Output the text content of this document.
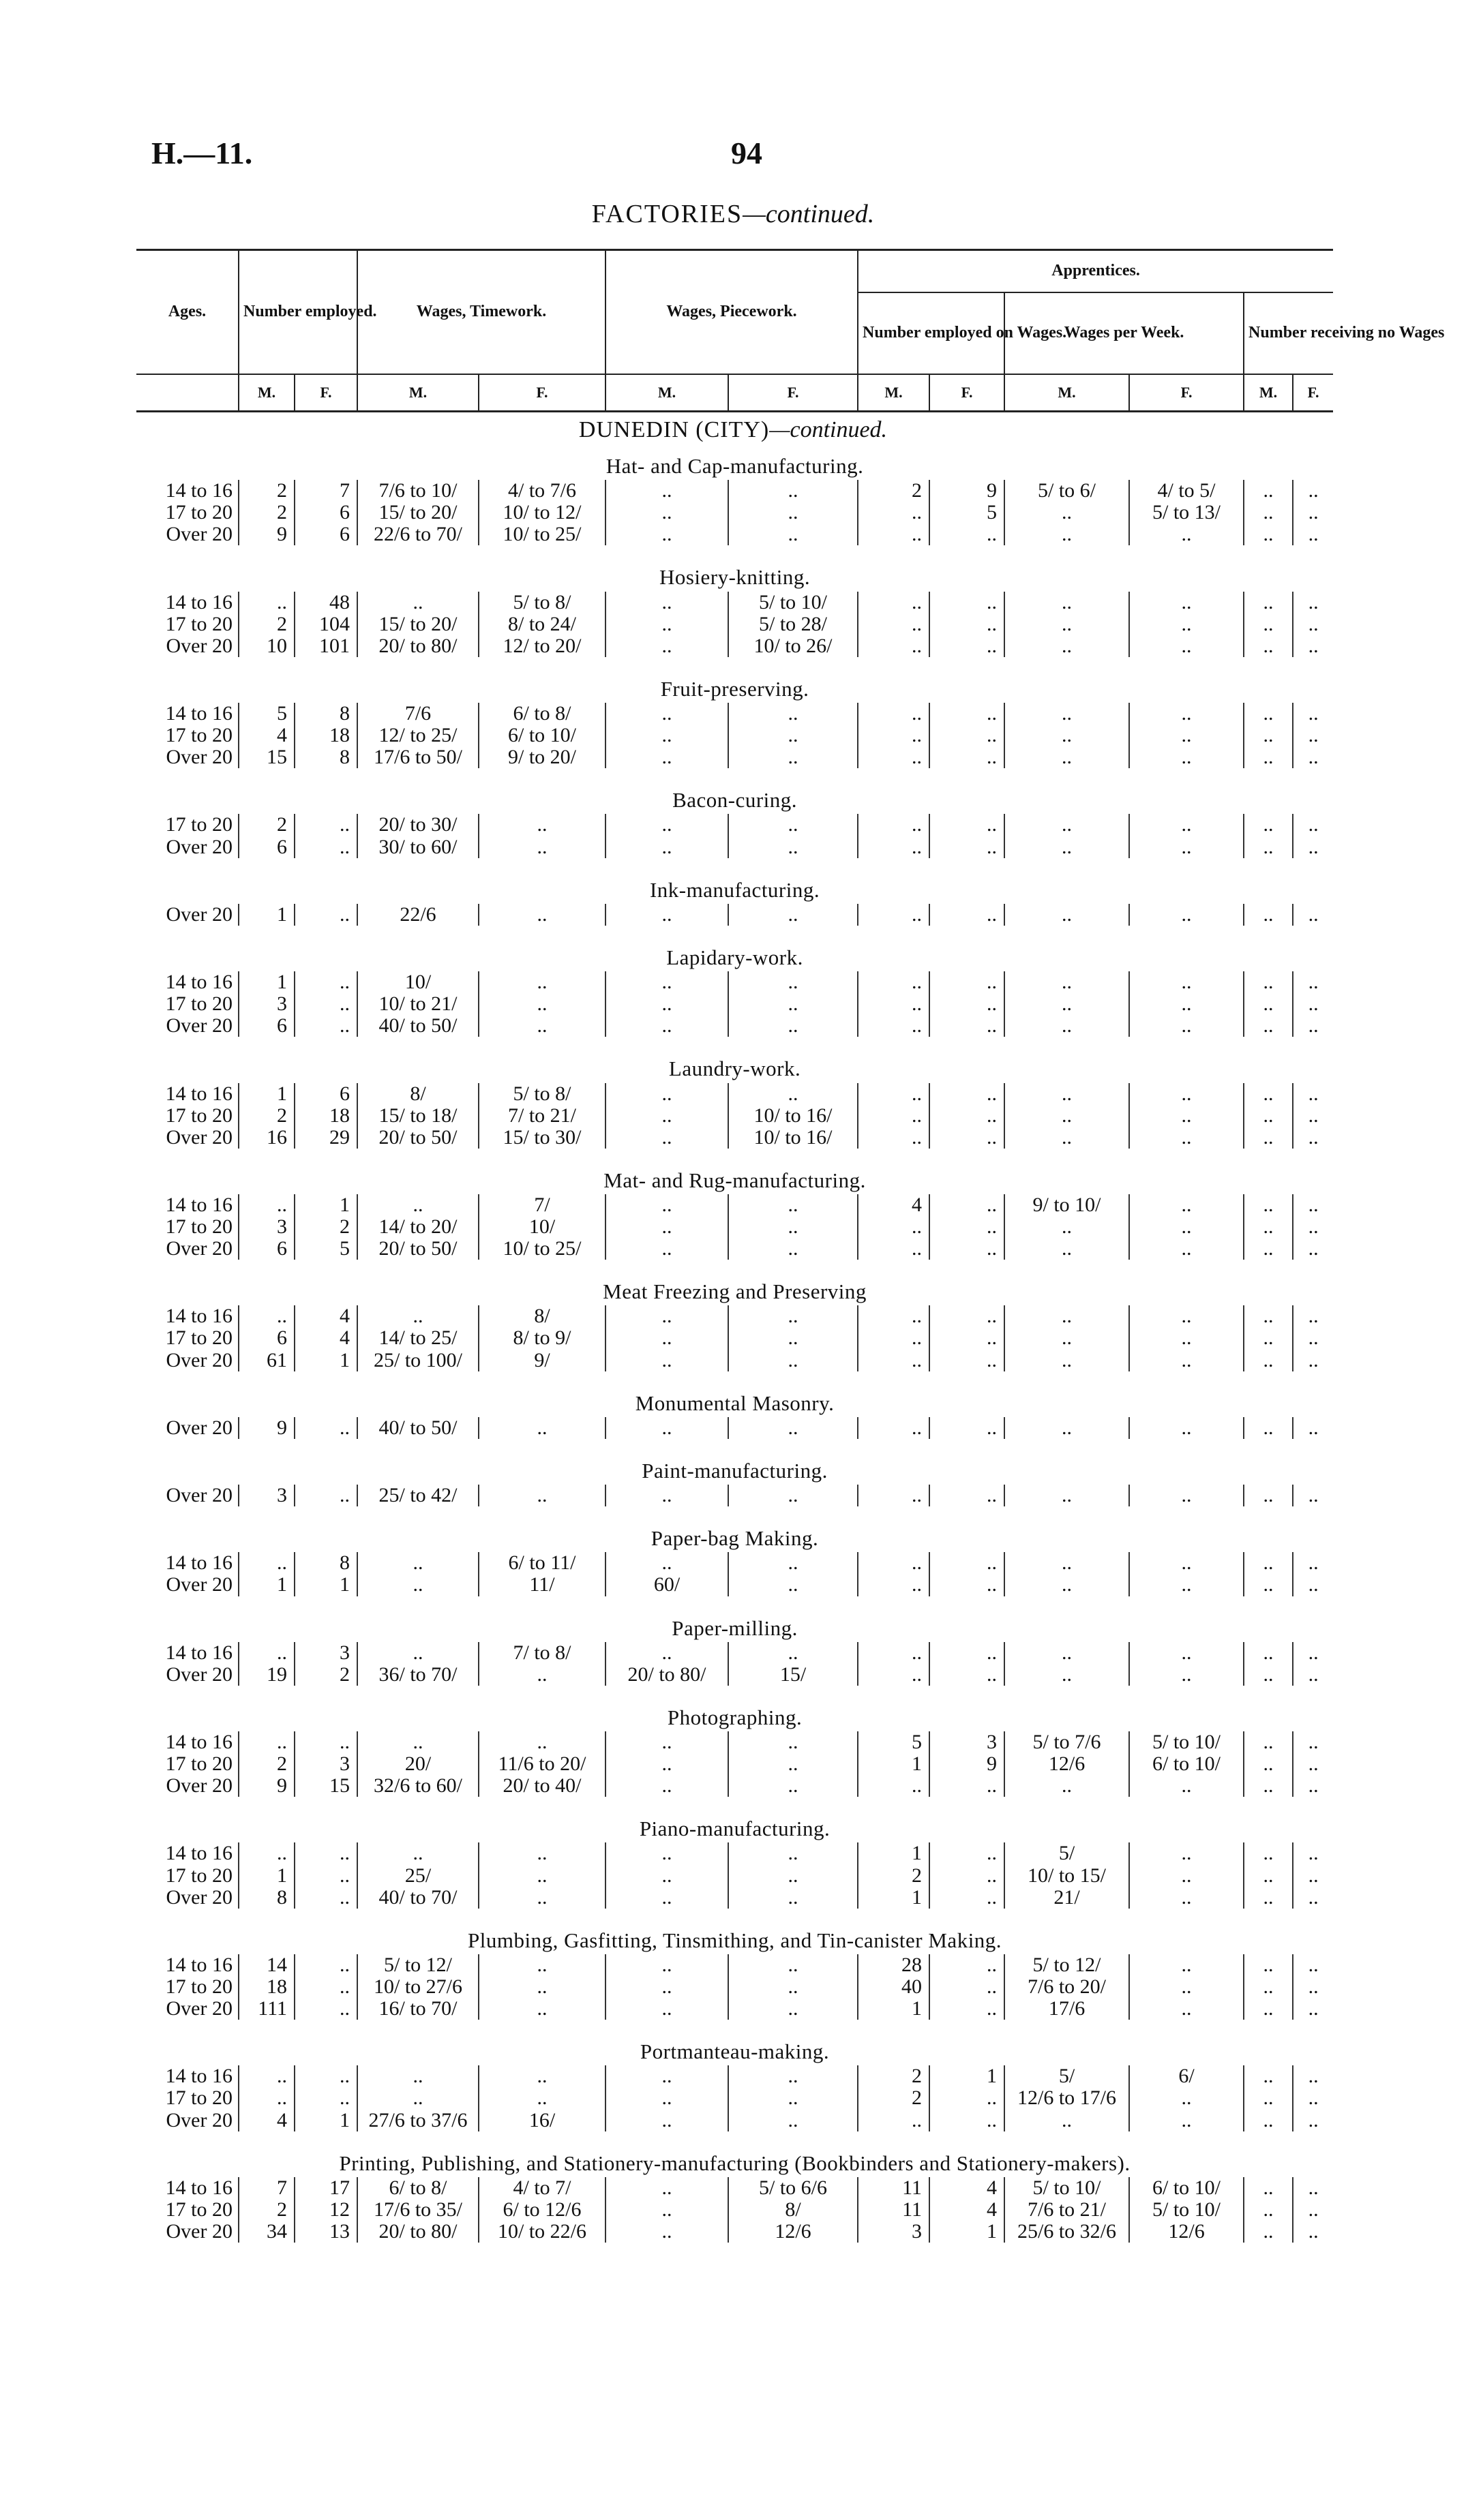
H.—11.	94
FACTORIES—continued.
Ages.	Number employed.		Wages, Timework.		Wages, Piecework.		Apprentices.					
							Number employed on Wages.		Wages per Week.		Number receiving no Wages	
	M.	F.	M.	F.	M.	F.	M.	F.	M.	F.	M.	F.
Hat- and Cap-manufacturing.												
14 to 16	2	7	7/6 to 10/	4/ to 7/6	..	..	2	9	5/ to 6/	4/ to 5/	..	..
17 to 20	2	6	15/ to 20/	10/ to 12/	..	..	..	5	..	5/ to 13/	..	..
Over 20	9	6	22/6 to 70/	10/ to 25/	..	..	..	..	..	..	..	..
Hosiery-knitting.												
14 to 16	..	48	..	5/ to 8/	..	5/ to 10/	..	..	..	..	..	..
17 to 20	2	104	15/ to 20/	8/ to 24/	..	5/ to 28/	..	..	..	..	..	..
Over 20	10	101	20/ to 80/	12/ to 20/	..	10/ to 26/	..	..	..	..	..	..
Fruit-preserving.												
14 to 16	5	8	7/6	6/ to 8/	..	..	..	..	..	..	..	..
17 to 20	4	18	12/ to 25/	6/ to 10/	..	..	..	..	..	..	..	..
Over 20	15	8	17/6 to 50/	9/ to 20/	..	..	..	..	..	..	..	..
Bacon-curing.												
17 to 20	2	..	20/ to 30/	..	..	..	..	..	..	..	..	..
Over 20	6	..	30/ to 60/	..	..	..	..	..	..	..	..	..
Ink-manufacturing.												
Over 20	1	..	22/6	..	..	..	..	..	..	..	..	..
Lapidary-work.												
14 to 16	1	..	10/	..	..	..	..	..	..	..	..	..
17 to 20	3	..	10/ to 21/	..	..	..	..	..	..	..	..	..
Over 20	6	..	40/ to 50/	..	..	..	..	..	..	..	..	..
Laundry-work.												
14 to 16	1	6	8/	5/ to 8/	..	..	..	..	..	..	..	..
17 to 20	2	18	15/ to 18/	7/ to 21/	..	10/ to 16/	..	..	..	..	..	..
Over 20	16	29	20/ to 50/	15/ to 30/	..	10/ to 16/	..	..	..	..	..	..
Mat- and Rug-manufacturing.												
14 to 16	..	1	..	7/	..	..	4	..	9/ to 10/	..	..	..
17 to 20	3	2	14/ to 20/	10/	..	..	..	..	..	..	..	..
Over 20	6	5	20/ to 50/	10/ to 25/	..	..	..	..	..	..	..	..
Meat Freezing and Preserving												
14 to 16	..	4	..	8/	..	..	..	..	..	..	..	..
17 to 20	6	4	14/ to 25/	8/ to 9/	..	..	..	..	..	..	..	..
Over 20	61	1	25/ to 100/	9/	..	..	..	..	..	..	..	..
Monumental Masonry.												
Over 20	9	..	40/ to 50/	..	..	..	..	..	..	..	..	..
Paint-manufacturing.												
Over 20	3	..	25/ to 42/	..	..	..	..	..	..	..	..	..
Paper-bag Making.												
14 to 16	..	8	..	6/ to 11/	..	..	..	..	..	..	..	..
Over 20	1	1	..	11/	60/	..	..	..	..	..	..	..
Paper-milling.												
14 to 16	..	3	..	7/ to 8/	..	..	..	..	..	..	..	..
Over 20	19	2	36/ to 70/	..	20/ to 80/	15/	..	..	..	..	..	..
Photographing.												
14 to 16	..	..	..	..	..	..	5	3	5/ to 7/6	5/ to 10/	..	..
17 to 20	2	3	20/	11/6 to 20/	..	..	1	9	12/6	6/ to 10/	..	..
Over 20	9	15	32/6 to 60/	20/ to 40/	..	..	..	..	..	..	..	..
Piano-manufacturing.												
14 to 16	..	..	..	..	..	..	1	..	5/	..	..	..
17 to 20	1	..	25/	..	..	..	2	..	10/ to 15/	..	..	..
Over 20	8	..	40/ to 70/	..	..	..	1	..	21/	..	..	..
Plumbing, Gasfitting, Tinsmithing, and Tin-canister Making.												
14 to 16	14	..	5/ to 12/	..	..	..	28	..	5/ to 12/	..	..	..
17 to 20	18	..	10/ to 27/6	..	..	..	40	..	7/6 to 20/	..	..	..
Over 20	111	..	16/ to 70/	..	..	..	1	..	17/6	..	..	..
Portmanteau-making.												
14 to 16	..	..	..	..	..	..	2	1	5/	6/	..	..
17 to 20	..	..	..	..	..	..	2	..	12/6 to 17/6	..	..	..
Over 20	4	1	27/6 to 37/6	16/	..	..	..	..	..	..	..	..
Printing, Publishing, and Stationery-manufacturing (Bookbinders and Stationery-makers).												
14 to 16	7	17	6/ to 8/	4/ to 7/	..	5/ to 6/6	11	4	5/ to 10/	6/ to 10/	..	..
17 to 20	2	12	17/6 to 35/	6/ to 12/6	..	8/	11	4	7/6 to 21/	5/ to 10/	..	..
Over 20	34	13	20/ to 80/	10/ to 22/6	..	12/6	3	1	25/6 to 32/6	12/6	..	..
DUNEDIN (CITY)—continued.
